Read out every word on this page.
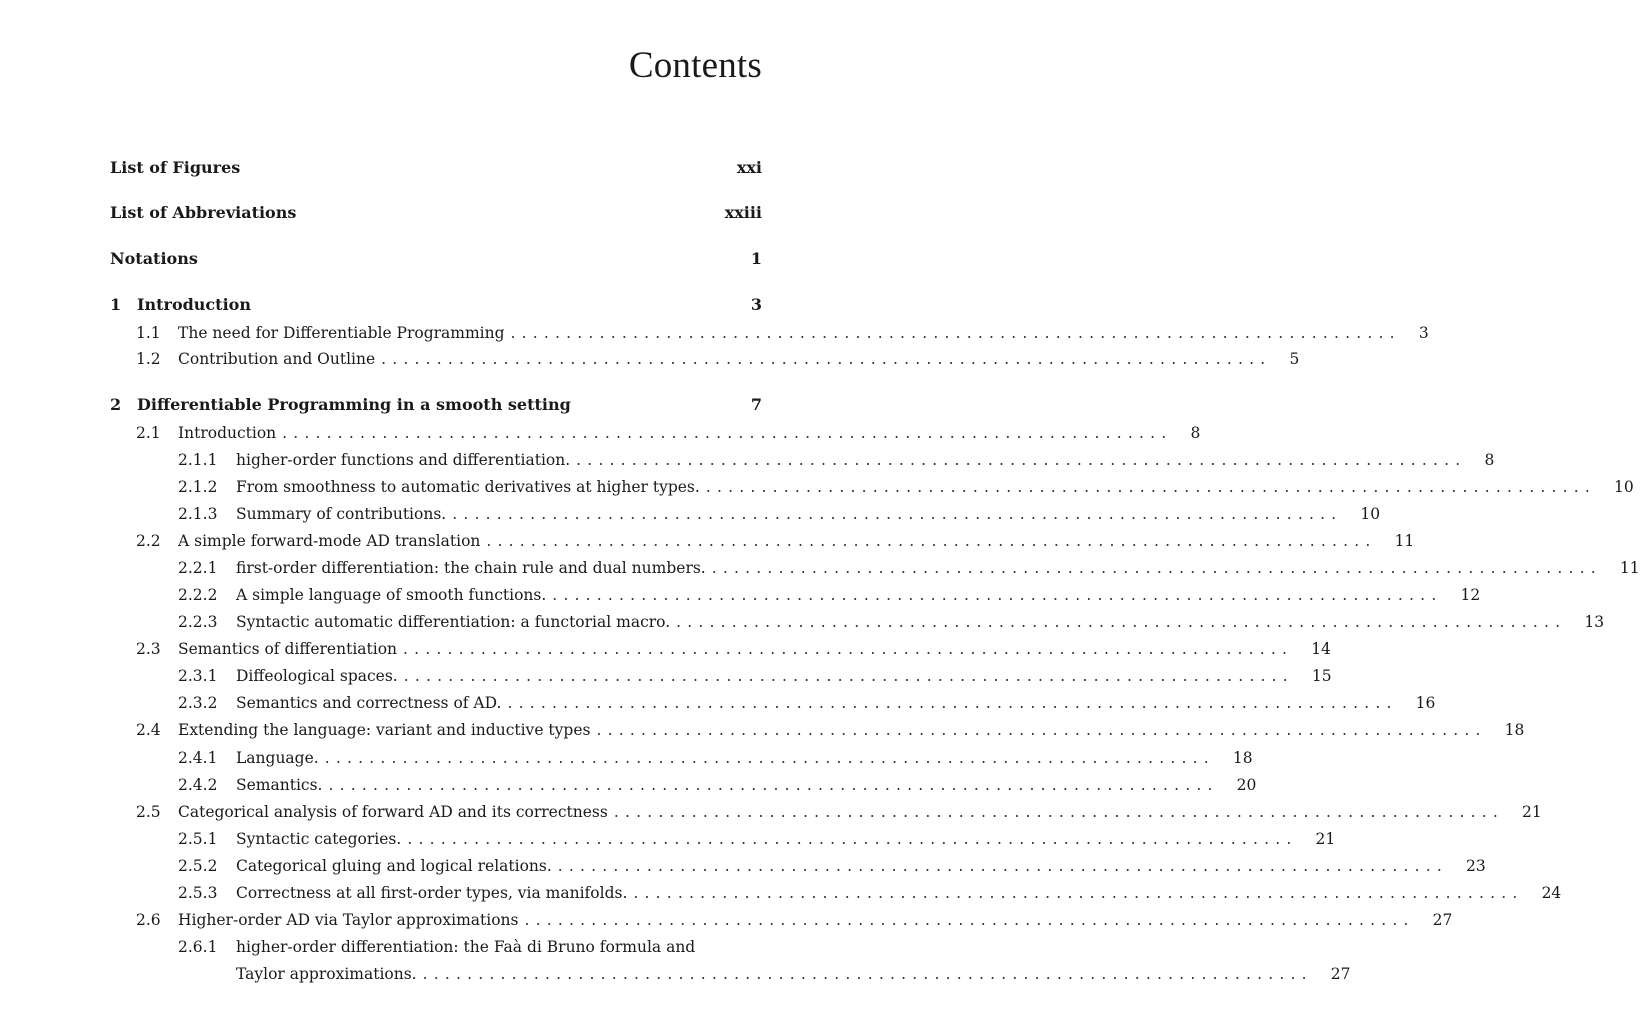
Contents
List of Figures	xxi
List of Abbreviations	xxiii
Notations	1
1 Introduction	3
1.1	The need for Differentiable Programming ................................................................................ 3
1.2	Contribution and Outline ................................................................................ 5
2 Differentiable Programming in a smooth setting	7
2.1	Introduction ................................................................................ 8
2.1.1	higher-order functions and differentiation. ................................................................................ 8
2.1.2	From smoothness to automatic derivatives at higher types. ................................................................................ 10
2.1.3	Summary of contributions. ................................................................................ 10
2.2	A simple forward-mode AD translation ................................................................................ 11
2.2.1	first-order differentiation: the chain rule and dual numbers. ................................................................................ 11
2.2.2	A simple language of smooth functions. ................................................................................ 12
2.2.3	Syntactic automatic differentiation: a functorial macro. ................................................................................ 13
2.3	Semantics of differentiation ................................................................................ 14
2.3.1	Diffeological spaces. ................................................................................ 15
2.3.2	Semantics and correctness of AD. ................................................................................ 16
2.4	Extending the language: variant and inductive types ................................................................................ 18
2.4.1	Language. ................................................................................ 18
2.4.2	Semantics. ................................................................................ 20
2.5	Categorical analysis of forward AD and its correctness ................................................................................ 21
2.5.1	Syntactic categories. ................................................................................ 21
2.5.2	Categorical gluing and logical relations. ................................................................................ 23
2.5.3	Correctness at all first-order types, via manifolds. ................................................................................ 24
2.6	Higher-order AD via Taylor approximations ................................................................................ 27
2.6.1	higher-order differentiation: the Faà di Bruno formula and
Taylor approximations. ................................................................................ 27
